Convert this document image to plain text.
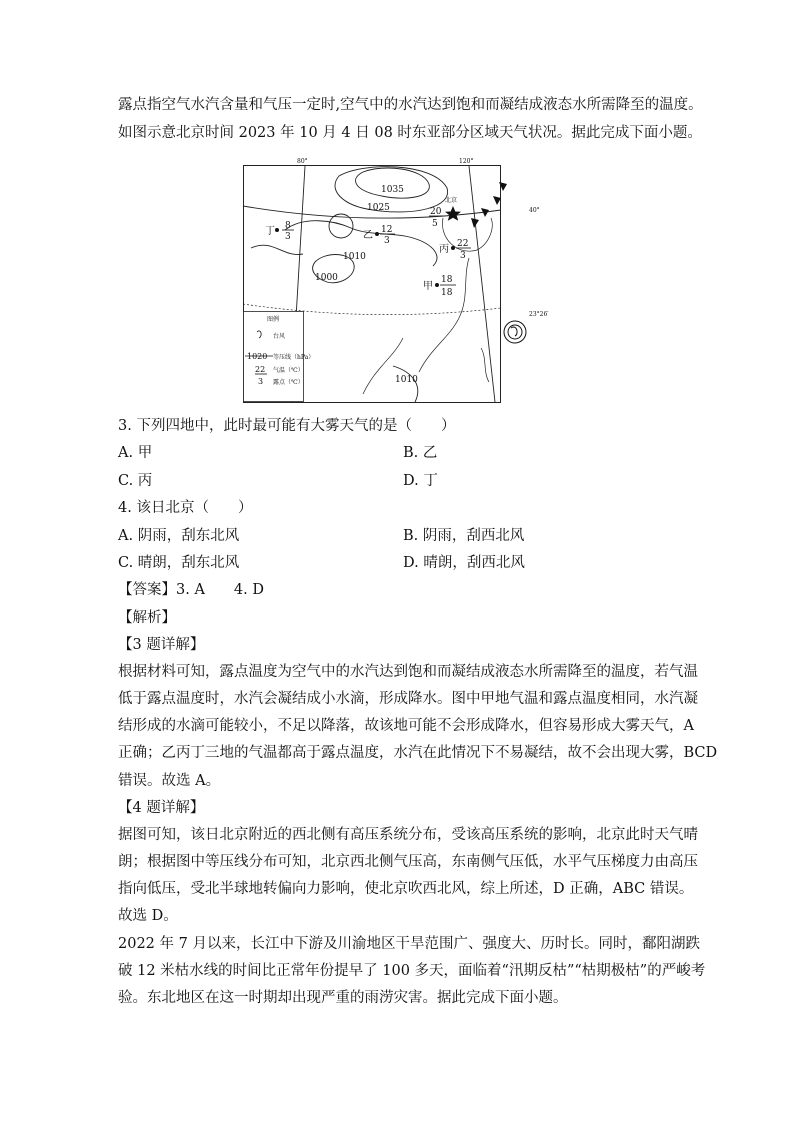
露点指空气水汽含量和气压一定时,空气中的水汽达到饱和而凝结成液态水所需降至的温度。
如图示意北京时间 2023 年 10 月 4 日 08 时东亚部分区域天气状况。据此完成下面小题。
80°	120°
40°
23°26′
1035
1025
1010
1000
1010
北京
20
5
丁 8
3	乙 12
3
丙 22
3
甲
18
18
图例
台风
1020 等压线（hPa）
22
3
气温（℃）
露点（℃）
3. 下列四地中，此时最可能有大雾天气的是（　　）
A. 甲	B. 乙
C. 丙	D. 丁
4. 该日北京（　　）
A. 阴雨，刮东北风	B. 阴雨，刮西北风
C. 晴朗，刮东北风	D. 晴朗，刮西北风
【答案】3. A　　4. D
【解析】
【3 题详解】
根据材料可知，露点温度为空气中的水汽达到饱和而凝结成液态水所需降至的温度，若气温
低于露点温度时，水汽会凝结成小水滴，形成降水。图中甲地气温和露点温度相同，水汽凝
结形成的水滴可能较小，不足以降落，故该地可能不会形成降水，但容易形成大雾天气，A
正确；乙丙丁三地的气温都高于露点温度，水汽在此情况下不易凝结，故不会出现大雾，BCD
错误。故选 A。
【4 题详解】
据图可知，该日北京附近的西北侧有高压系统分布，受该高压系统的影响，北京此时天气晴
朗；根据图中等压线分布可知，北京西北侧气压高，东南侧气压低，水平气压梯度力由高压
指向低压，受北半球地转偏向力影响，使北京吹西北风，综上所述，D 正确，ABC 错误。
故选 D。
2022 年 7 月以来，长江中下游及川渝地区干旱范围广、强度大、历时长。同时，鄱阳湖跌
破 12 米枯水线的时间比正常年份提早了 100 多天，面临着“汛期反枯”“枯期极枯”的严峻考
验。东北地区在这一时期却出现严重的雨涝灾害。据此完成下面小题。
